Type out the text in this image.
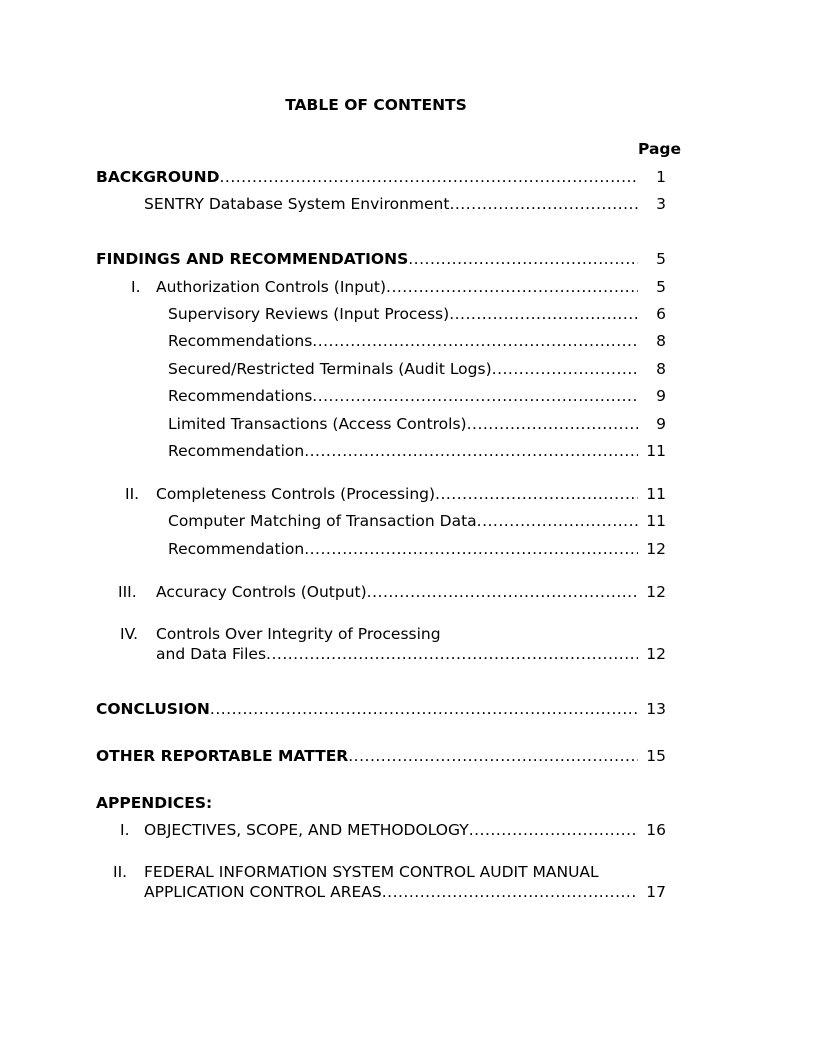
TABLE OF CONTENTS
Page
BACKGROUND .....	1
SENTRY Database System Environment .....	3
FINDINGS AND RECOMMENDATIONS .....	5
I. Authorization Controls (Input) .....	5
Supervisory Reviews (Input Process) .....	6
Recommendations .....	8
Secured/Restricted Terminals (Audit Logs) .....	8
Recommendations .....	9
Limited Transactions (Access Controls) .....	9
Recommendation .....	11
II. Completeness Controls (Processing) .....	11
Computer Matching of Transaction Data .....	11
Recommendation .....	12
III. Accuracy Controls (Output) .....	12
IV. Controls Over Integrity of Processing
and Data Files .....	12
CONCLUSION .....	13
OTHER REPORTABLE MATTER .....	15
APPENDICES:
I. OBJECTIVES, SCOPE, AND METHODOLOGY .....	16
II. FEDERAL INFORMATION SYSTEM CONTROL AUDIT MANUAL
APPLICATION CONTROL AREAS .....	17
